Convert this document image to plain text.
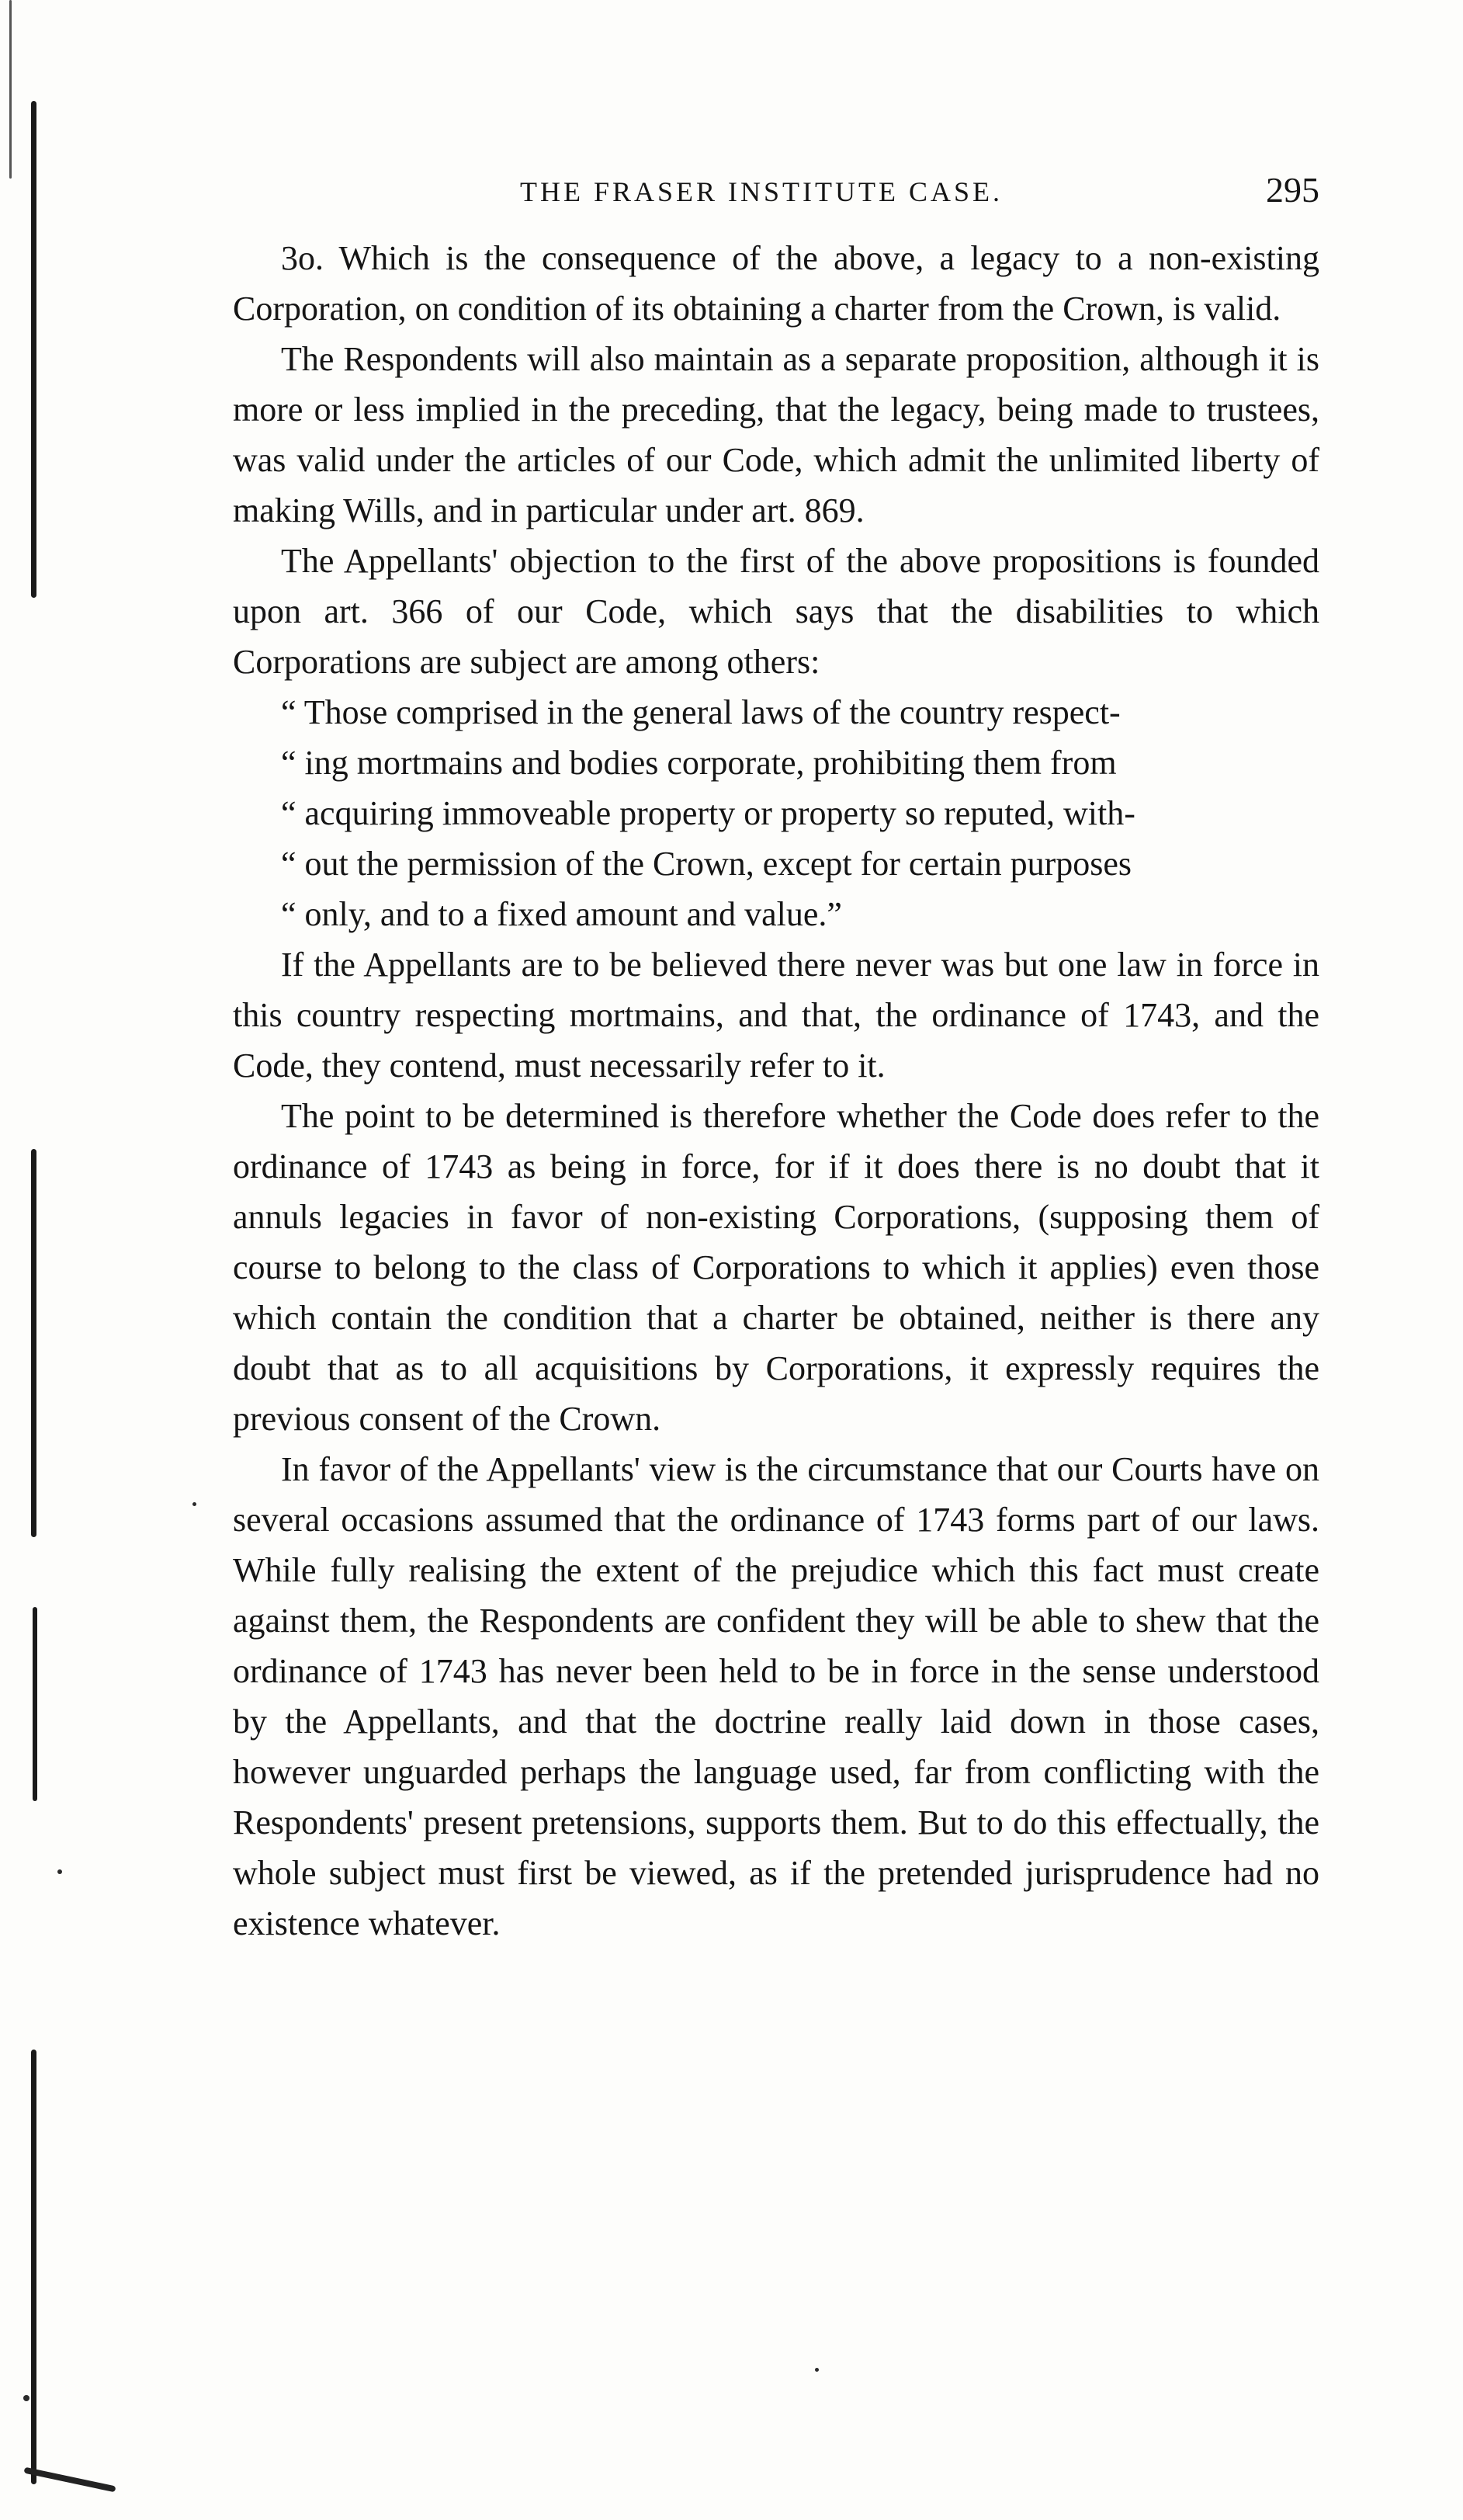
THE FRASER INSTITUTE CASE.	295

3o. Which is the consequence of the above, a legacy to a non-existing Corporation, on condition of its obtaining a charter from the Crown, is valid.

The Respondents will also maintain as a separate proposition, although it is more or less implied in the preceding, that the legacy, being made to trustees, was valid under the articles of our Code, which admit the unlimited liberty of making Wills, and in particular under art. 869.

The Appellants' objection to the first of the above propositions is founded upon art. 366 of our Code, which says that the disabilities to which Corporations are subject are among others:

“ Those comprised in the general laws of the country respect-
“ ing mortmains and bodies corporate, prohibiting them from
“ acquiring immoveable property or property so reputed, with-
“ out the permission of the Crown, except for certain purposes
“ only, and to a fixed amount and value.”

If the Appellants are to be believed there never was but one law in force in this country respecting mortmains, and that, the ordinance of 1743, and the Code, they contend, must necessarily refer to it.

The point to be determined is therefore whether the Code does refer to the ordinance of 1743 as being in force, for if it does there is no doubt that it annuls legacies in favor of non-existing Corporations, (supposing them of course to belong to the class of Corporations to which it applies) even those which contain the condition that a charter be obtained, neither is there any doubt that as to all acquisitions by Corporations, it expressly requires the previous consent of the Crown.

In favor of the Appellants' view is the circumstance that our Courts have on several occasions assumed that the ordinance of 1743 forms part of our laws. While fully realising the extent of the prejudice which this fact must create against them, the Respondents are confident they will be able to shew that the ordinance of 1743 has never been held to be in force in the sense understood by the Appellants, and that the doctrine really laid down in those cases, however unguarded perhaps the language used, far from conflicting with the Respondents' present pretensions, supports them. But to do this effectually, the whole subject must first be viewed, as if the pretended jurisprudence had no existence whatever.
